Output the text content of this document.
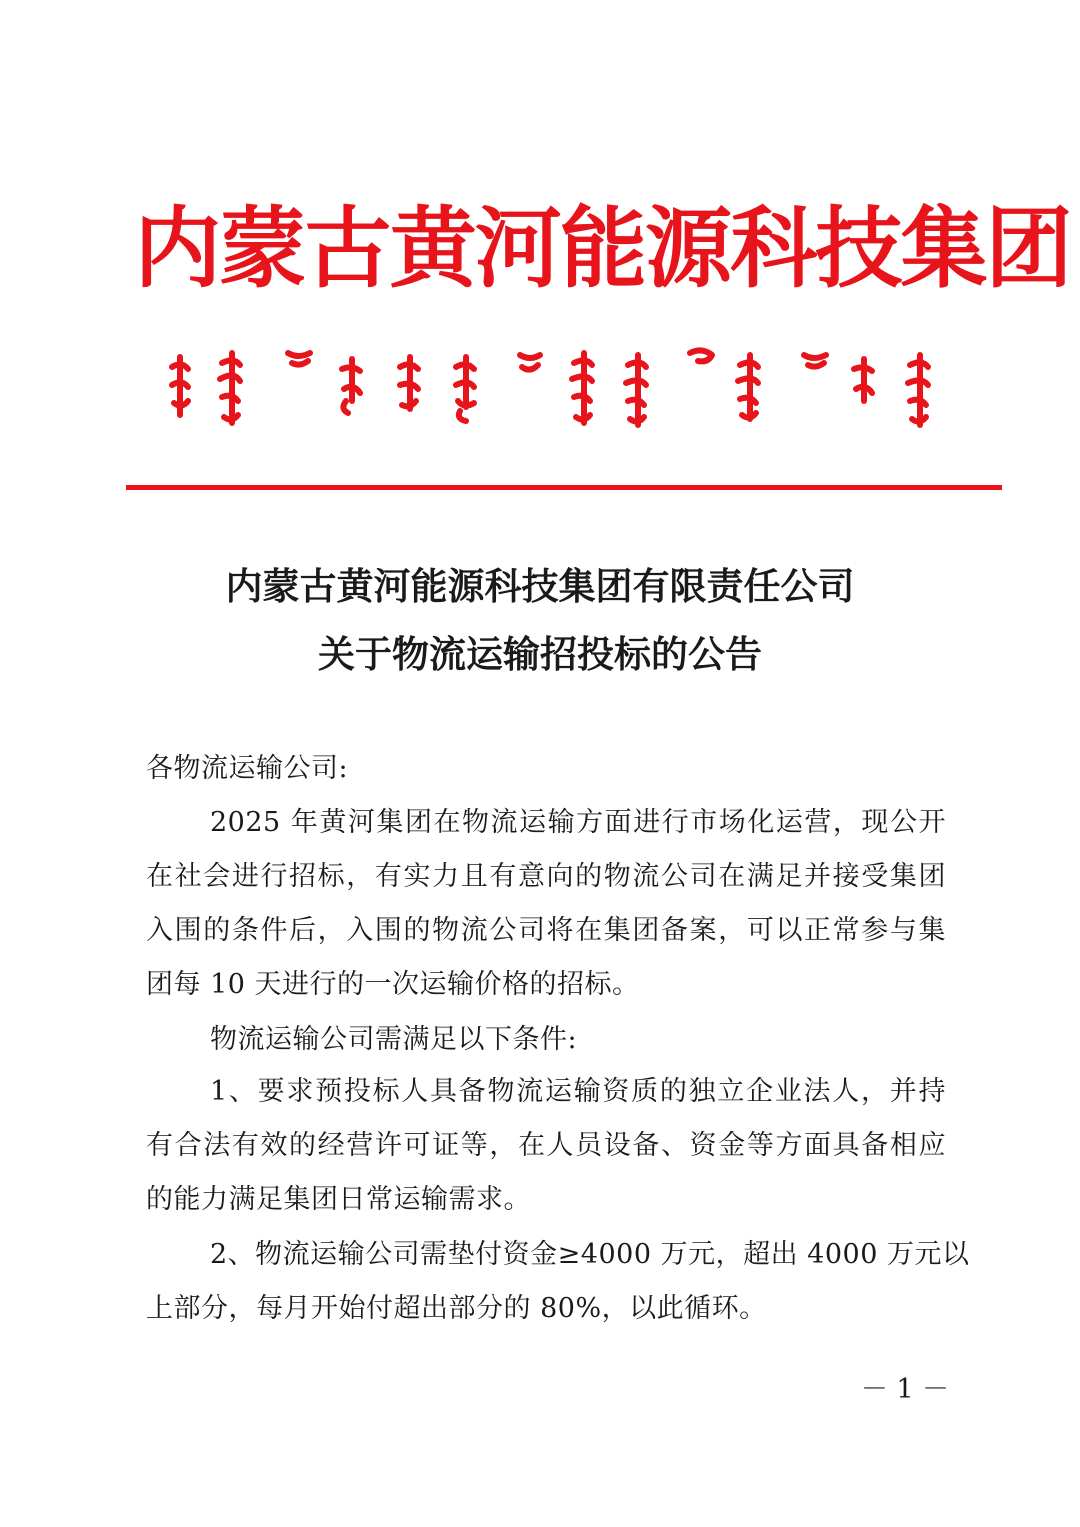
内蒙古黄河能源科技集团
内蒙古黄河能源科技集团有限责任公司
关于物流运输招投标的公告
各物流运输公司:
2025 年黄河集团在物流运输方面进行市场化运营，现公开
在社会进行招标，有实力且有意向的物流公司在满足并接受集团
入围的条件后，入围的物流公司将在集团备案，可以正常参与集
团每 10 天进行的一次运输价格的招标。
物流运输公司需满足以下条件:
1、要求预投标人具备物流运输资质的独立企业法人，并持
有合法有效的经营许可证等，在人员设备、资金等方面具备相应
的能力满足集团日常运输需求。
2、物流运输公司需垫付资金≥4000 万元，超出 4000 万元以
上部分，每月开始付超出部分的 80%，以此循环。
－ 1 －
